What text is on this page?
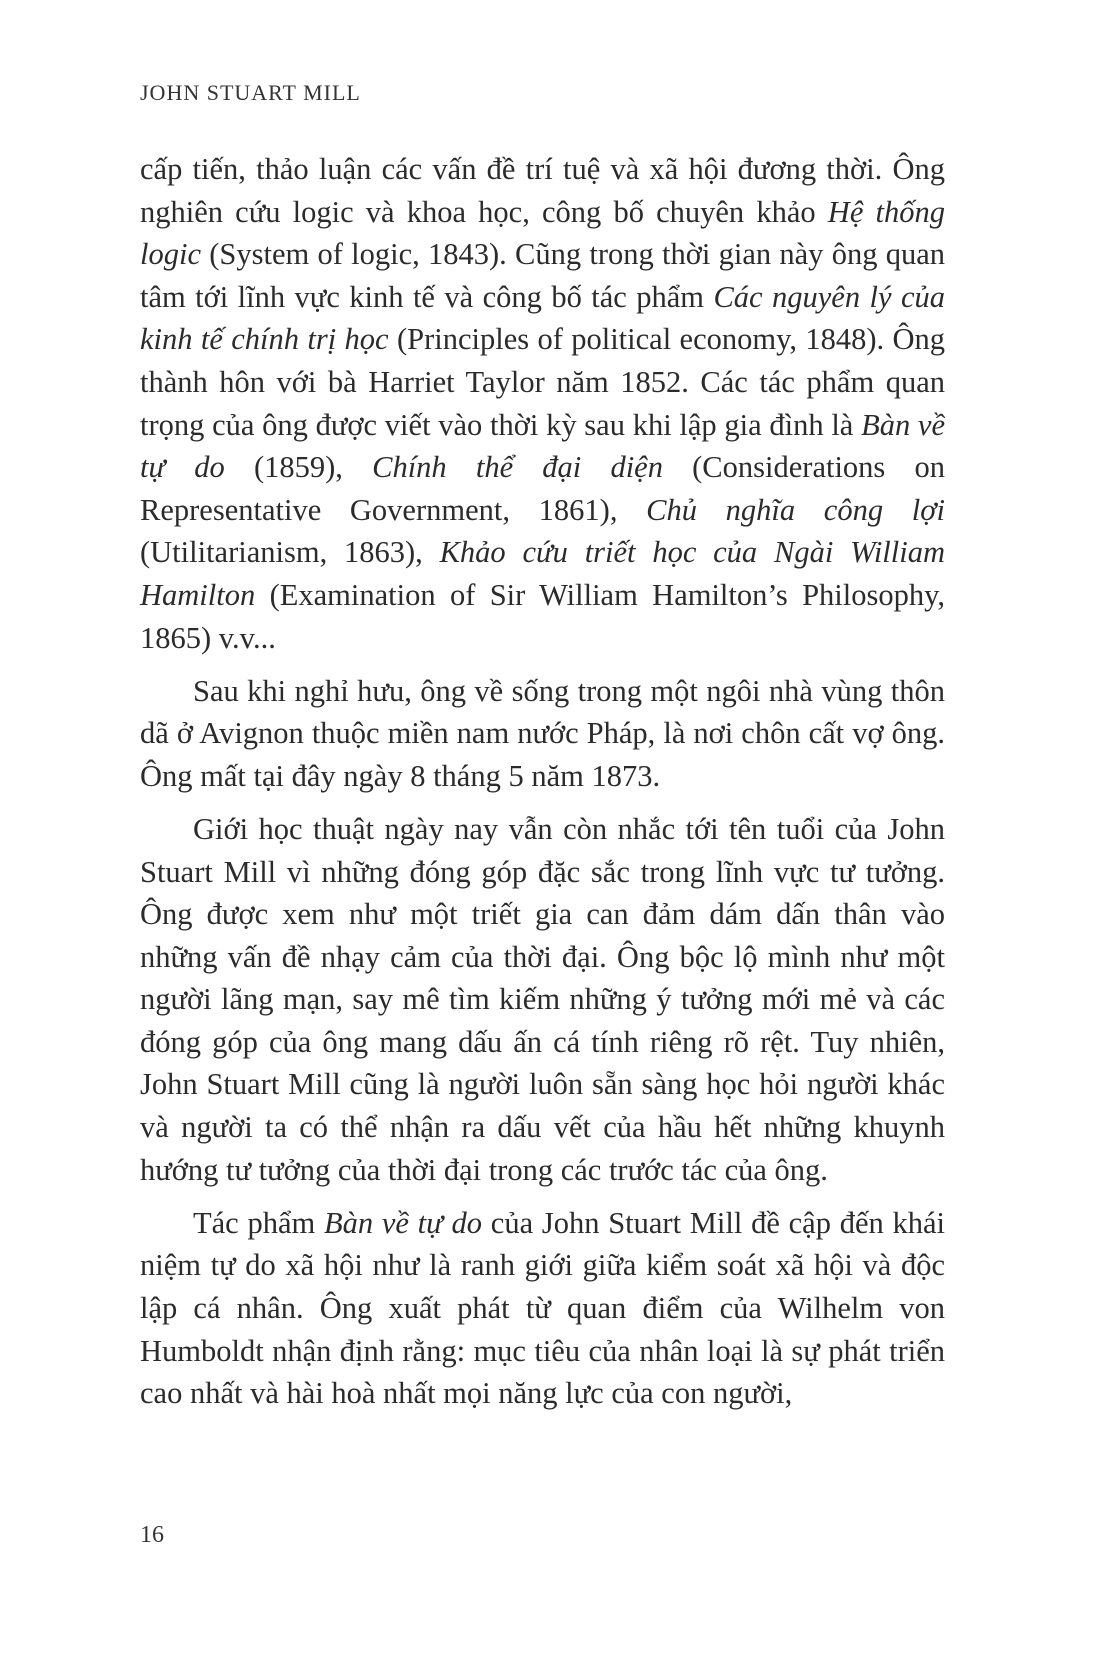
JOHN STUART MILL

cấp tiến, thảo luận các vấn đề trí tuệ và xã hội đương thời. Ông nghiên cứu logic và khoa học, công bố chuyên khảo Hệ thống logic (System of logic, 1843). Cũng trong thời gian này ông quan tâm tới lĩnh vực kinh tế và công bố tác phẩm Các nguyên lý của kinh tế chính trị học (Principles of political economy, 1848). Ông thành hôn với bà Harriet Taylor năm 1852. Các tác phẩm quan trọng của ông được viết vào thời kỳ sau khi lập gia đình là Bàn về tự do (1859), Chính thể đại diện (Considerations on Representative Government, 1861), Chủ nghĩa công lợi (Utilitarianism, 1863), Khảo cứu triết học của Ngài William Hamilton (Examination of Sir William Hamilton’s Philosophy, 1865) v.v...

Sau khi nghỉ hưu, ông về sống trong một ngôi nhà vùng thôn dã ở Avignon thuộc miền nam nước Pháp, là nơi chôn cất vợ ông. Ông mất tại đây ngày 8 tháng 5 năm 1873.

Giới học thuật ngày nay vẫn còn nhắc tới tên tuổi của John Stuart Mill vì những đóng góp đặc sắc trong lĩnh vực tư tưởng. Ông được xem như một triết gia can đảm dám dấn thân vào những vấn đề nhạy cảm của thời đại. Ông bộc lộ mình như một người lãng mạn, say mê tìm kiếm những ý tưởng mới mẻ và các đóng góp của ông mang dấu ấn cá tính riêng rõ rệt. Tuy nhiên, John Stuart Mill cũng là người luôn sẵn sàng học hỏi người khác và người ta có thể nhận ra dấu vết của hầu hết những khuynh hướng tư tưởng của thời đại trong các trước tác của ông.

Tác phẩm Bàn về tự do của John Stuart Mill đề cập đến khái niệm tự do xã hội như là ranh giới giữa kiểm soát xã hội và độc lập cá nhân. Ông xuất phát từ quan điểm của Wilhelm von Humboldt nhận định rằng: mục tiêu của nhân loại là sự phát triển cao nhất và hài hoà nhất mọi năng lực của con người,

16
